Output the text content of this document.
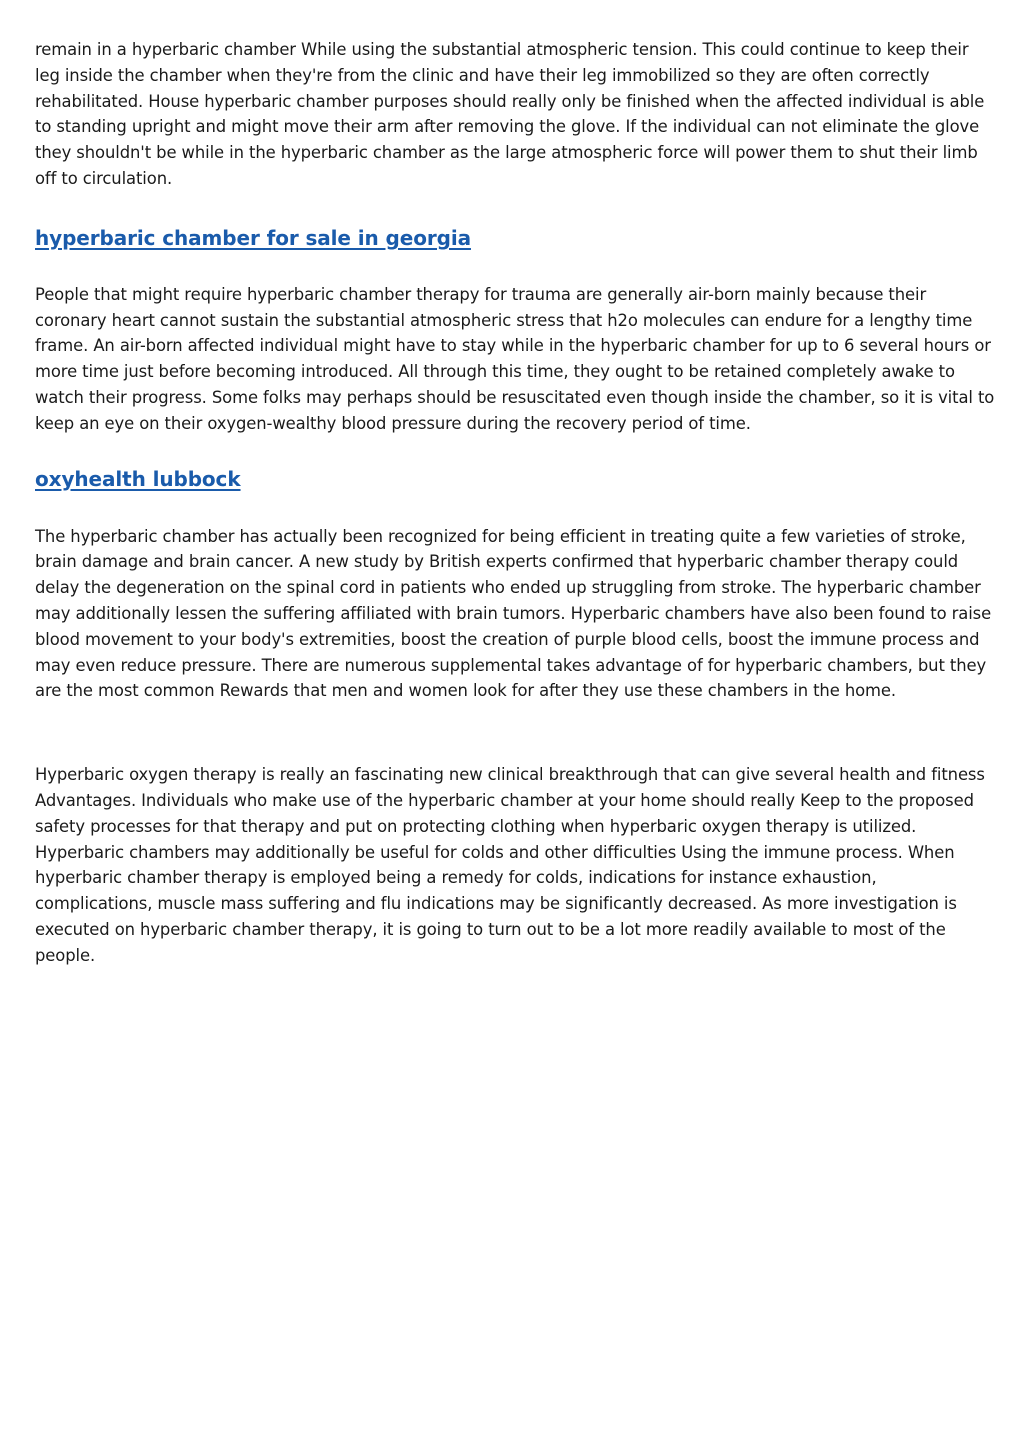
remain in a hyperbaric chamber While using the substantial atmospheric tension. This could continue to keep their leg inside the chamber when they're from the clinic and have their leg immobilized so they are often correctly rehabilitated. House hyperbaric chamber purposes should really only be finished when the affected individual is able to standing upright and might move their arm after removing the glove. If the individual can not eliminate the glove they shouldn't be while in the hyperbaric chamber as the large atmospheric force will power them to shut their limb off to circulation.

hyperbaric chamber for sale in georgia

People that might require hyperbaric chamber therapy for trauma are generally air-born mainly because their coronary heart cannot sustain the substantial atmospheric stress that h2o molecules can endure for a lengthy time frame. An air-born affected individual might have to stay while in the hyperbaric chamber for up to 6 several hours or more time just before becoming introduced. All through this time, they ought to be retained completely awake to watch their progress. Some folks may perhaps should be resuscitated even though inside the chamber, so it is vital to keep an eye on their oxygen-wealthy blood pressure during the recovery period of time.

oxyhealth lubbock

The hyperbaric chamber has actually been recognized for being efficient in treating quite a few varieties of stroke, brain damage and brain cancer. A new study by British experts confirmed that hyperbaric chamber therapy could delay the degeneration on the spinal cord in patients who ended up struggling from stroke. The hyperbaric chamber may additionally lessen the suffering affiliated with brain tumors. Hyperbaric chambers have also been found to raise blood movement to your body's extremities, boost the creation of purple blood cells, boost the immune process and may even reduce pressure. There are numerous supplemental takes advantage of for hyperbaric chambers, but they are the most common Rewards that men and women look for after they use these chambers in the home.

Hyperbaric oxygen therapy is really an fascinating new clinical breakthrough that can give several health and fitness Advantages. Individuals who make use of the hyperbaric chamber at your home should really Keep to the proposed safety processes for that therapy and put on protecting clothing when hyperbaric oxygen therapy is utilized. Hyperbaric chambers may additionally be useful for colds and other difficulties Using the immune process. When hyperbaric chamber therapy is employed being a remedy for colds, indications for instance exhaustion, complications, muscle mass suffering and flu indications may be significantly decreased. As more investigation is executed on hyperbaric chamber therapy, it is going to turn out to be a lot more readily available to most of the people.
